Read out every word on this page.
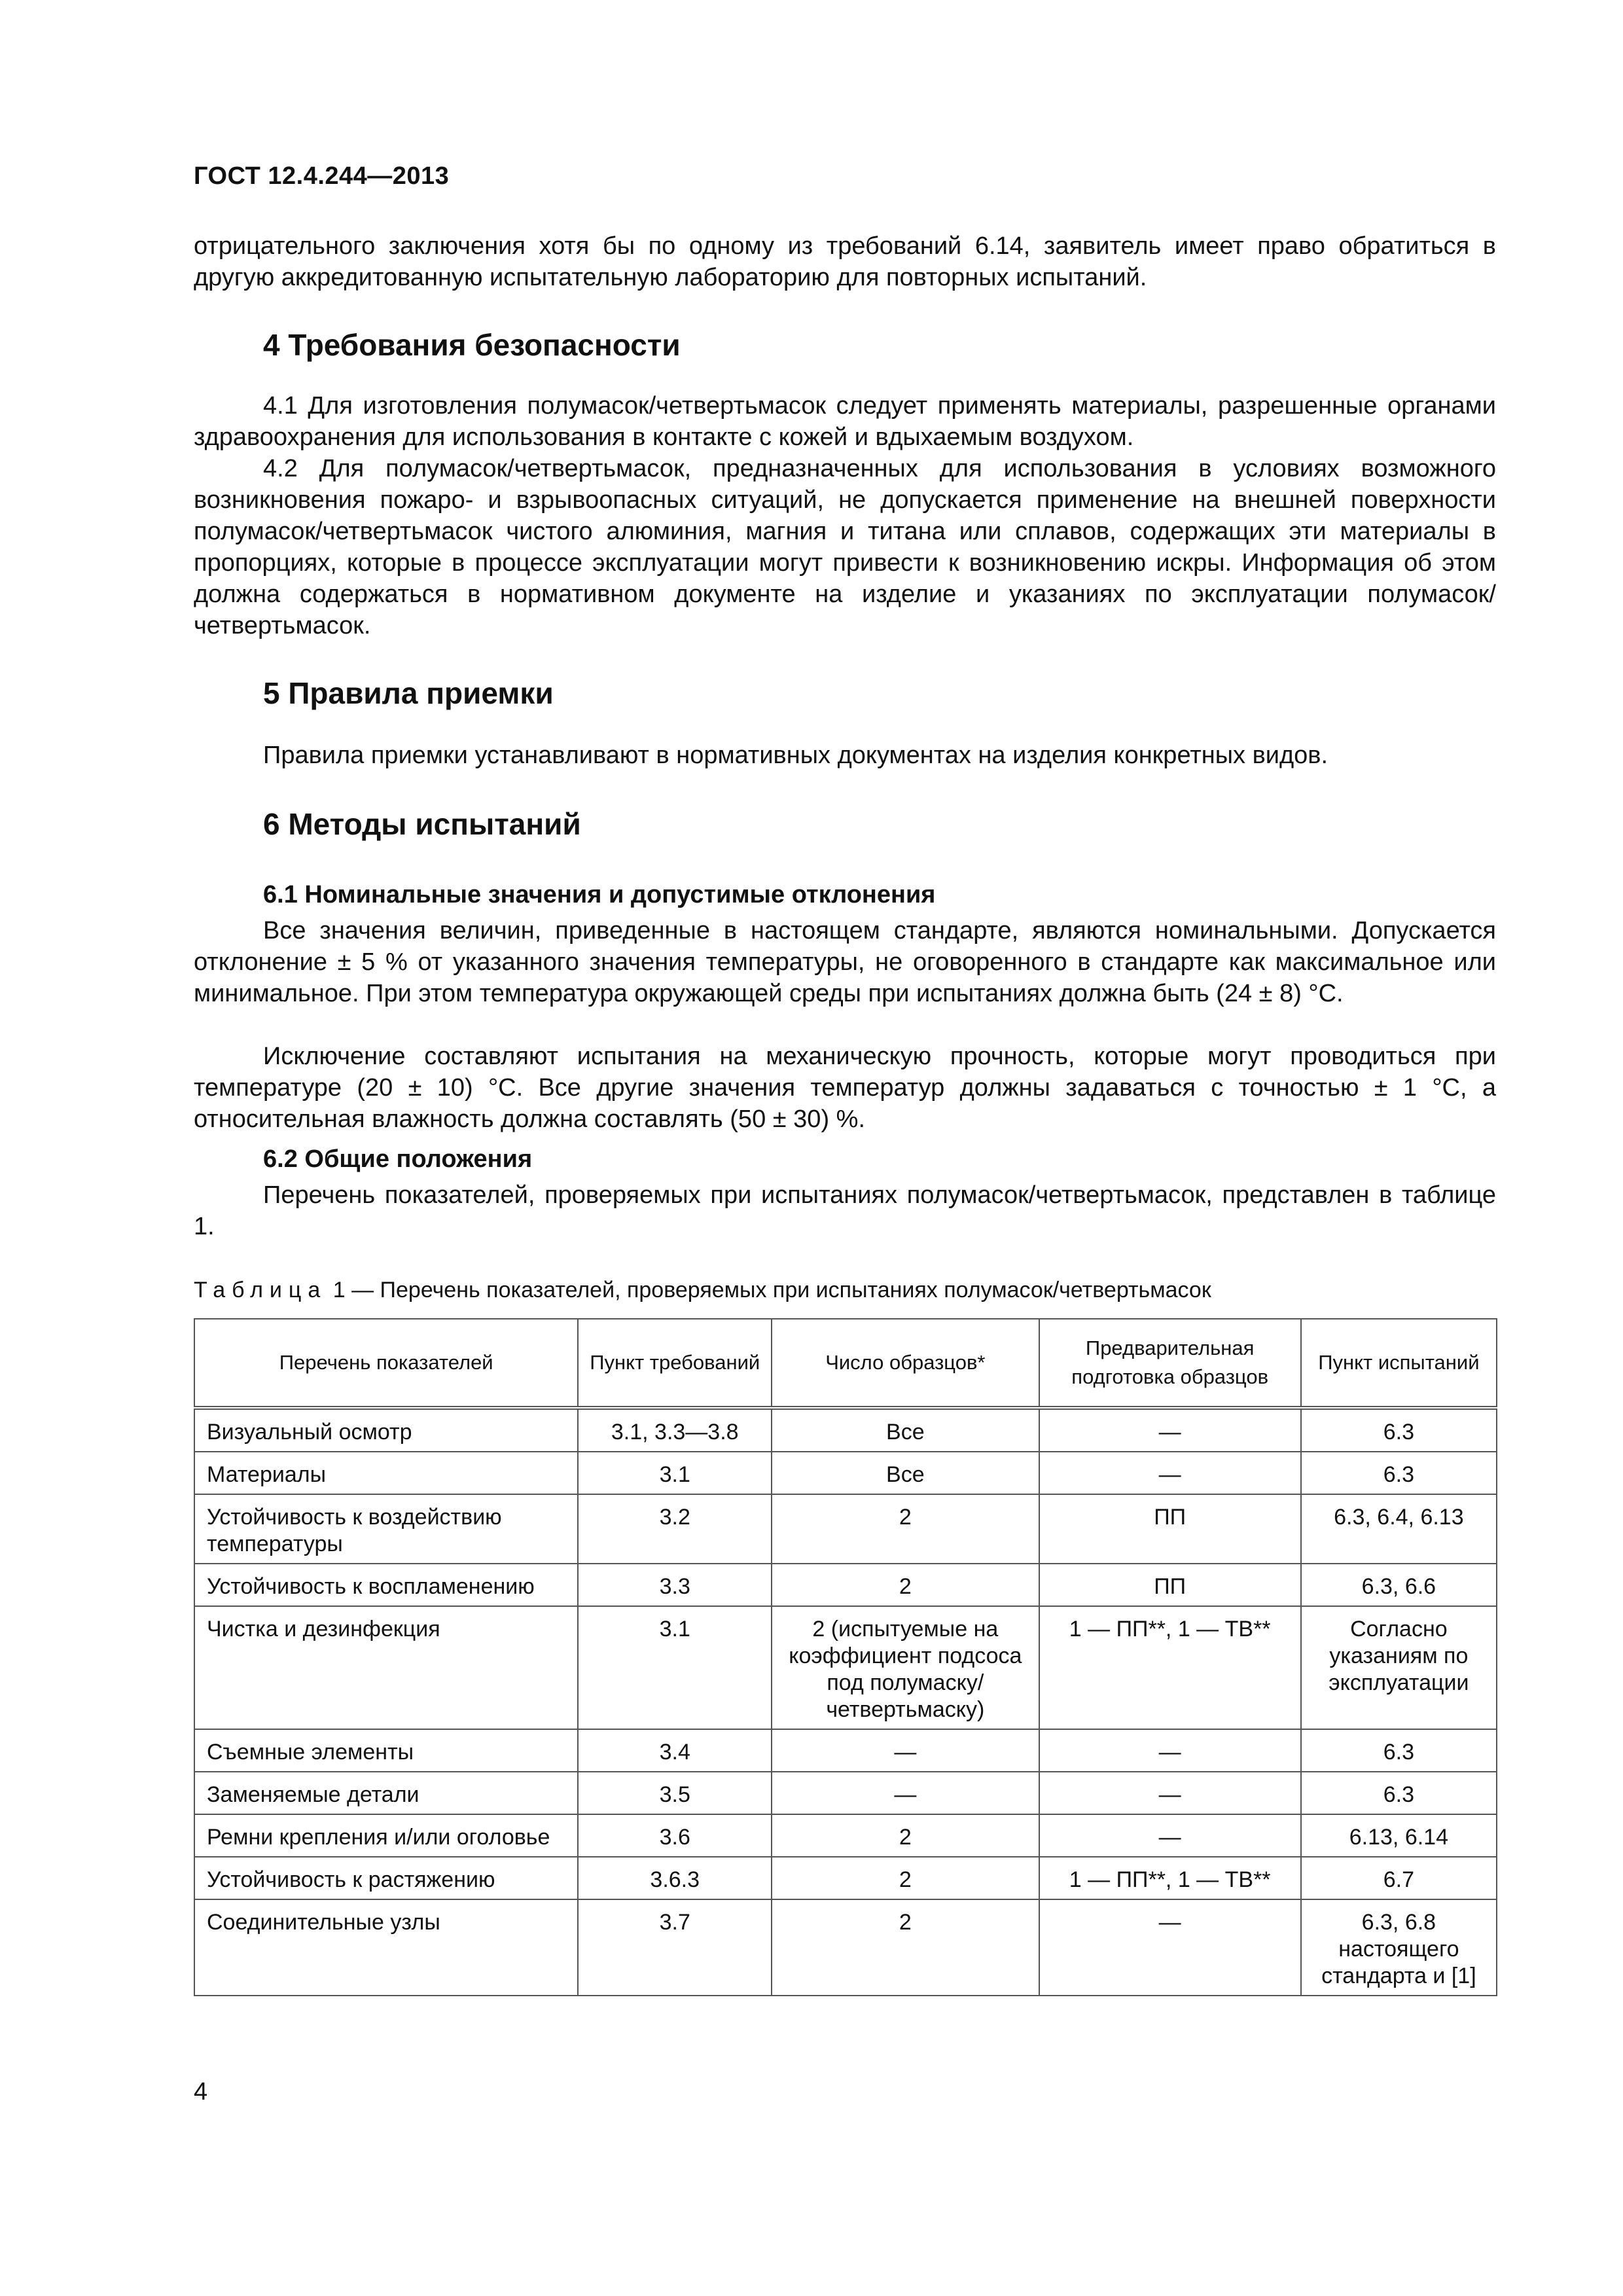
ГОСТ 12.4.244—2013
отрицательного заключения хотя бы по одному из требований 6.14, заявитель имеет право обратиться в другую аккредитованную испытательную лабораторию для повторных испытаний.
4 Требования безопасности
4.1 Для изготовления полумасок/четвертьмасок следует применять материалы, разрешенные органами здравоохранения для использования в контакте с кожей и вдыхаемым воздухом.
4.2 Для полумасок/четвертьмасок, предназначенных для использования в условиях возможного возникновения пожаро- и взрывоопасных ситуаций, не допускается применение на внешней поверхности полумасок/четвертьмасок чистого алюминия, магния и титана или сплавов, содержащих эти материалы в пропорциях, которые в процессе эксплуатации могут привести к возникновению искры. Информация об этом должна содержаться в нормативном документе на изделие и указаниях по эксплуатации полумасок/четвертьмасок.
5 Правила приемки
Правила приемки устанавливают в нормативных документах на изделия конкретных видов.
6 Методы испытаний
6.1 Номинальные значения и допустимые отклонения
Все значения величин, приведенные в настоящем стандарте, являются номинальными. Допускается отклонение ± 5 % от указанного значения температуры, не оговоренного в стандарте как максимальное или минимальное. При этом температура окружающей среды при испытаниях должна быть (24 ± 8) °С.
Исключение составляют испытания на механическую прочность, которые могут проводиться при температуре (20 ± 10) °С. Все другие значения температур должны задаваться с точностью ± 1 °С, а относительная влажность должна составлять (50 ± 30) %.
6.2 Общие положения
Перечень показателей, проверяемых при испытаниях полумасок/четвертьмасок, представлен в таблице 1.
Таблица 1 — Перечень показателей, проверяемых при испытаниях полумасок/четвертьмасок
Перечень показателей	Пункт требований	Число образцов*	Предварительная подготовка образцов	Пункт испытаний
Визуальный осмотр	3.1, 3.3—3.8	Все	—	6.3
Материалы	3.1	Все	—	6.3
Устойчивость к воздействию температуры	3.2	2	ПП	6.3, 6.4, 6.13
Устойчивость к воспламенению	3.3	2	ПП	6.3, 6.6
Чистка и дезинфекция	3.1	2 (испытуемые на коэффициент подсоса под полумаску/четвертьмаску)	1 — ПП**, 1 — ТВ**	Согласно указаниям по эксплуатации
Съемные элементы	3.4	—	—	6.3
Заменяемые детали	3.5	—	—	6.3
Ремни крепления и/или оголовье	3.6	2	—	6.13, 6.14
Устойчивость к растяжению	3.6.3	2	1 — ПП**, 1 — ТВ**	6.7
Соединительные узлы	3.7	2	—	6.3, 6.8 настоящего стандарта и [1]
4
